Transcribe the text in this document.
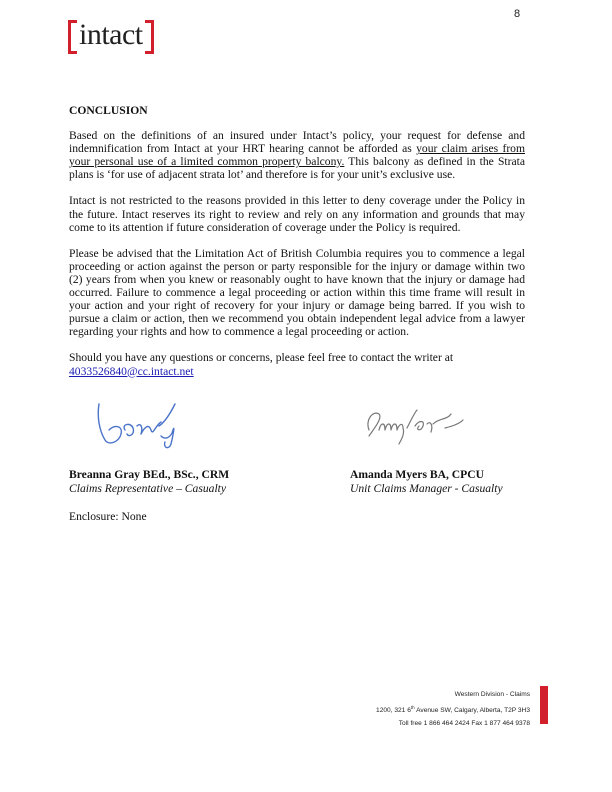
8
intact
CONCLUSION

Based on the definitions of an insured under Intact’s policy, your request for defense and indemnification from Intact at your HRT hearing cannot be afforded as your claim arises from your personal use of a limited common property balcony. This balcony as defined in the Strata plans is ‘for use of adjacent strata lot’ and therefore is for your unit’s exclusive use.

Intact is not restricted to the reasons provided in this letter to deny coverage under the Policy in the future. Intact reserves its right to review and rely on any information and grounds that may come to its attention if future consideration of coverage under the Policy is required.

Please be advised that the Limitation Act of British Columbia requires you to commence a legal proceeding or action against the person or party responsible for the injury or damage within two (2) years from when you knew or reasonably ought to have known that the injury or damage had occurred. Failure to commence a legal proceeding or action within this time frame will result in your action and your right of recovery for your injury or damage being barred. If you wish to pursue a claim or action, then we recommend you obtain independent legal advice from a lawyer regarding your rights and how to commence a legal proceeding or action.

Should you have any questions or concerns, please feel free to contact the writer at
4033526840@cc.intact.net

Breanna Gray BEd., BSc., CRM
Claims Representative – Casualty
Amanda Myers BA, CPCU
Unit Claims Manager - Casualty
Enclosure: None
Western Division - Claims
1200, 321 6th Avenue SW, Calgary, Alberta, T2P 3H3
Toll free 1 866 464 2424 Fax 1 877 464 9378
